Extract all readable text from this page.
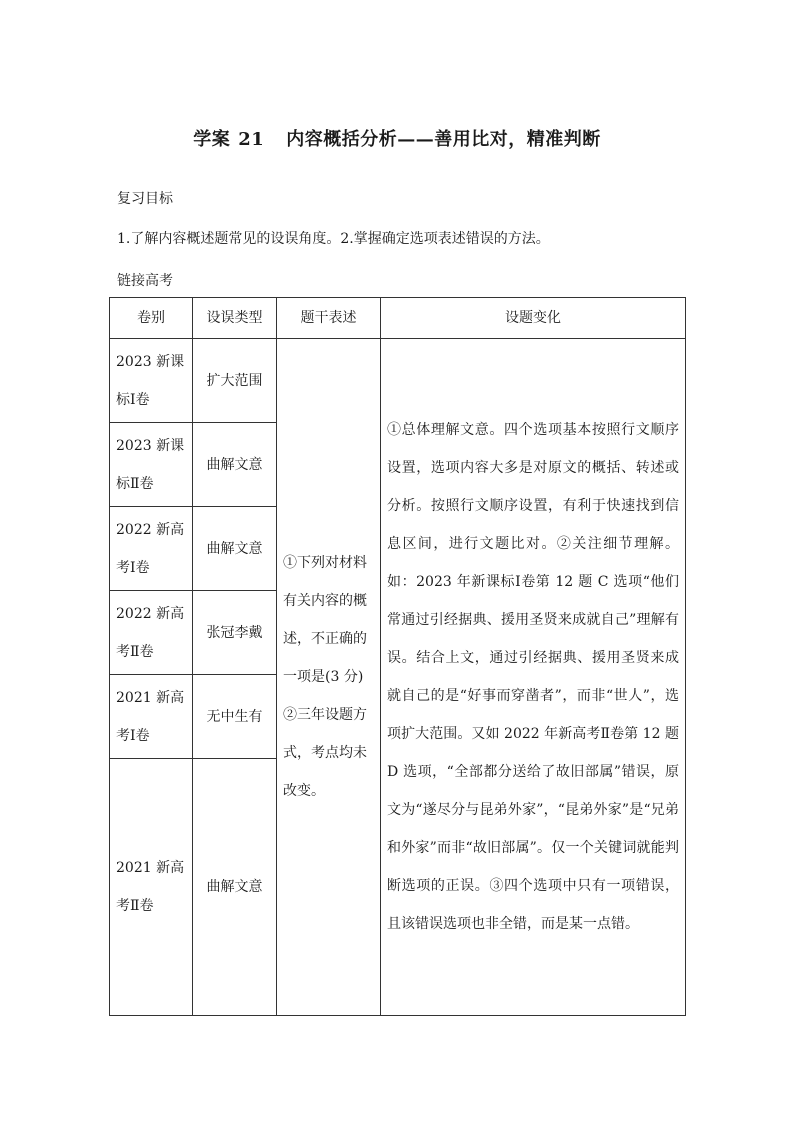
学案 21 内容概括分析——善用比对，精准判断
复习目标
1.了解内容概述题常见的设误角度。2.掌握确定选项表述错误的方法。
链接高考
卷别	设误类型	题干表述	设题变化
2023 新课标Ⅰ卷	扩大范围	①下列对材料有关内容的概述，不正确的一项是(3 分) ②三年设题方式，考点均未改变。	①总体理解文意。四个选项基本按照行文顺序设置，选项内容大多是对原文的概括、转述或分析。按照行文顺序设置，有利于快速找到信息区间，进行文题比对。②关注细节理解。如：2023 年新课标Ⅰ卷第 12 题 C 选项“他们常通过引经据典、援用圣贤来成就自己”理解有误。结合上文，通过引经据典、援用圣贤来成就自己的是“好事而穿凿者”，而非“世人”，选项扩大范围。又如 2022 年新高考Ⅱ卷第 12 题 D 选项，“全部都分送给了故旧部属”错误，原文为“遂尽分与昆弟外家”，“昆弟外家”是“兄弟和外家”而非“故旧部属”。仅一个关键词就能判断选项的正误。③四个选项中只有一项错误，且该错误选项也非全错，而是某一点错。
2023 新课标Ⅱ卷	曲解文意		
2022 新高考Ⅰ卷	曲解文意		
2022 新高考Ⅱ卷	张冠李戴		
2021 新高考Ⅰ卷	无中生有		
2021 新高考Ⅱ卷	曲解文意		
